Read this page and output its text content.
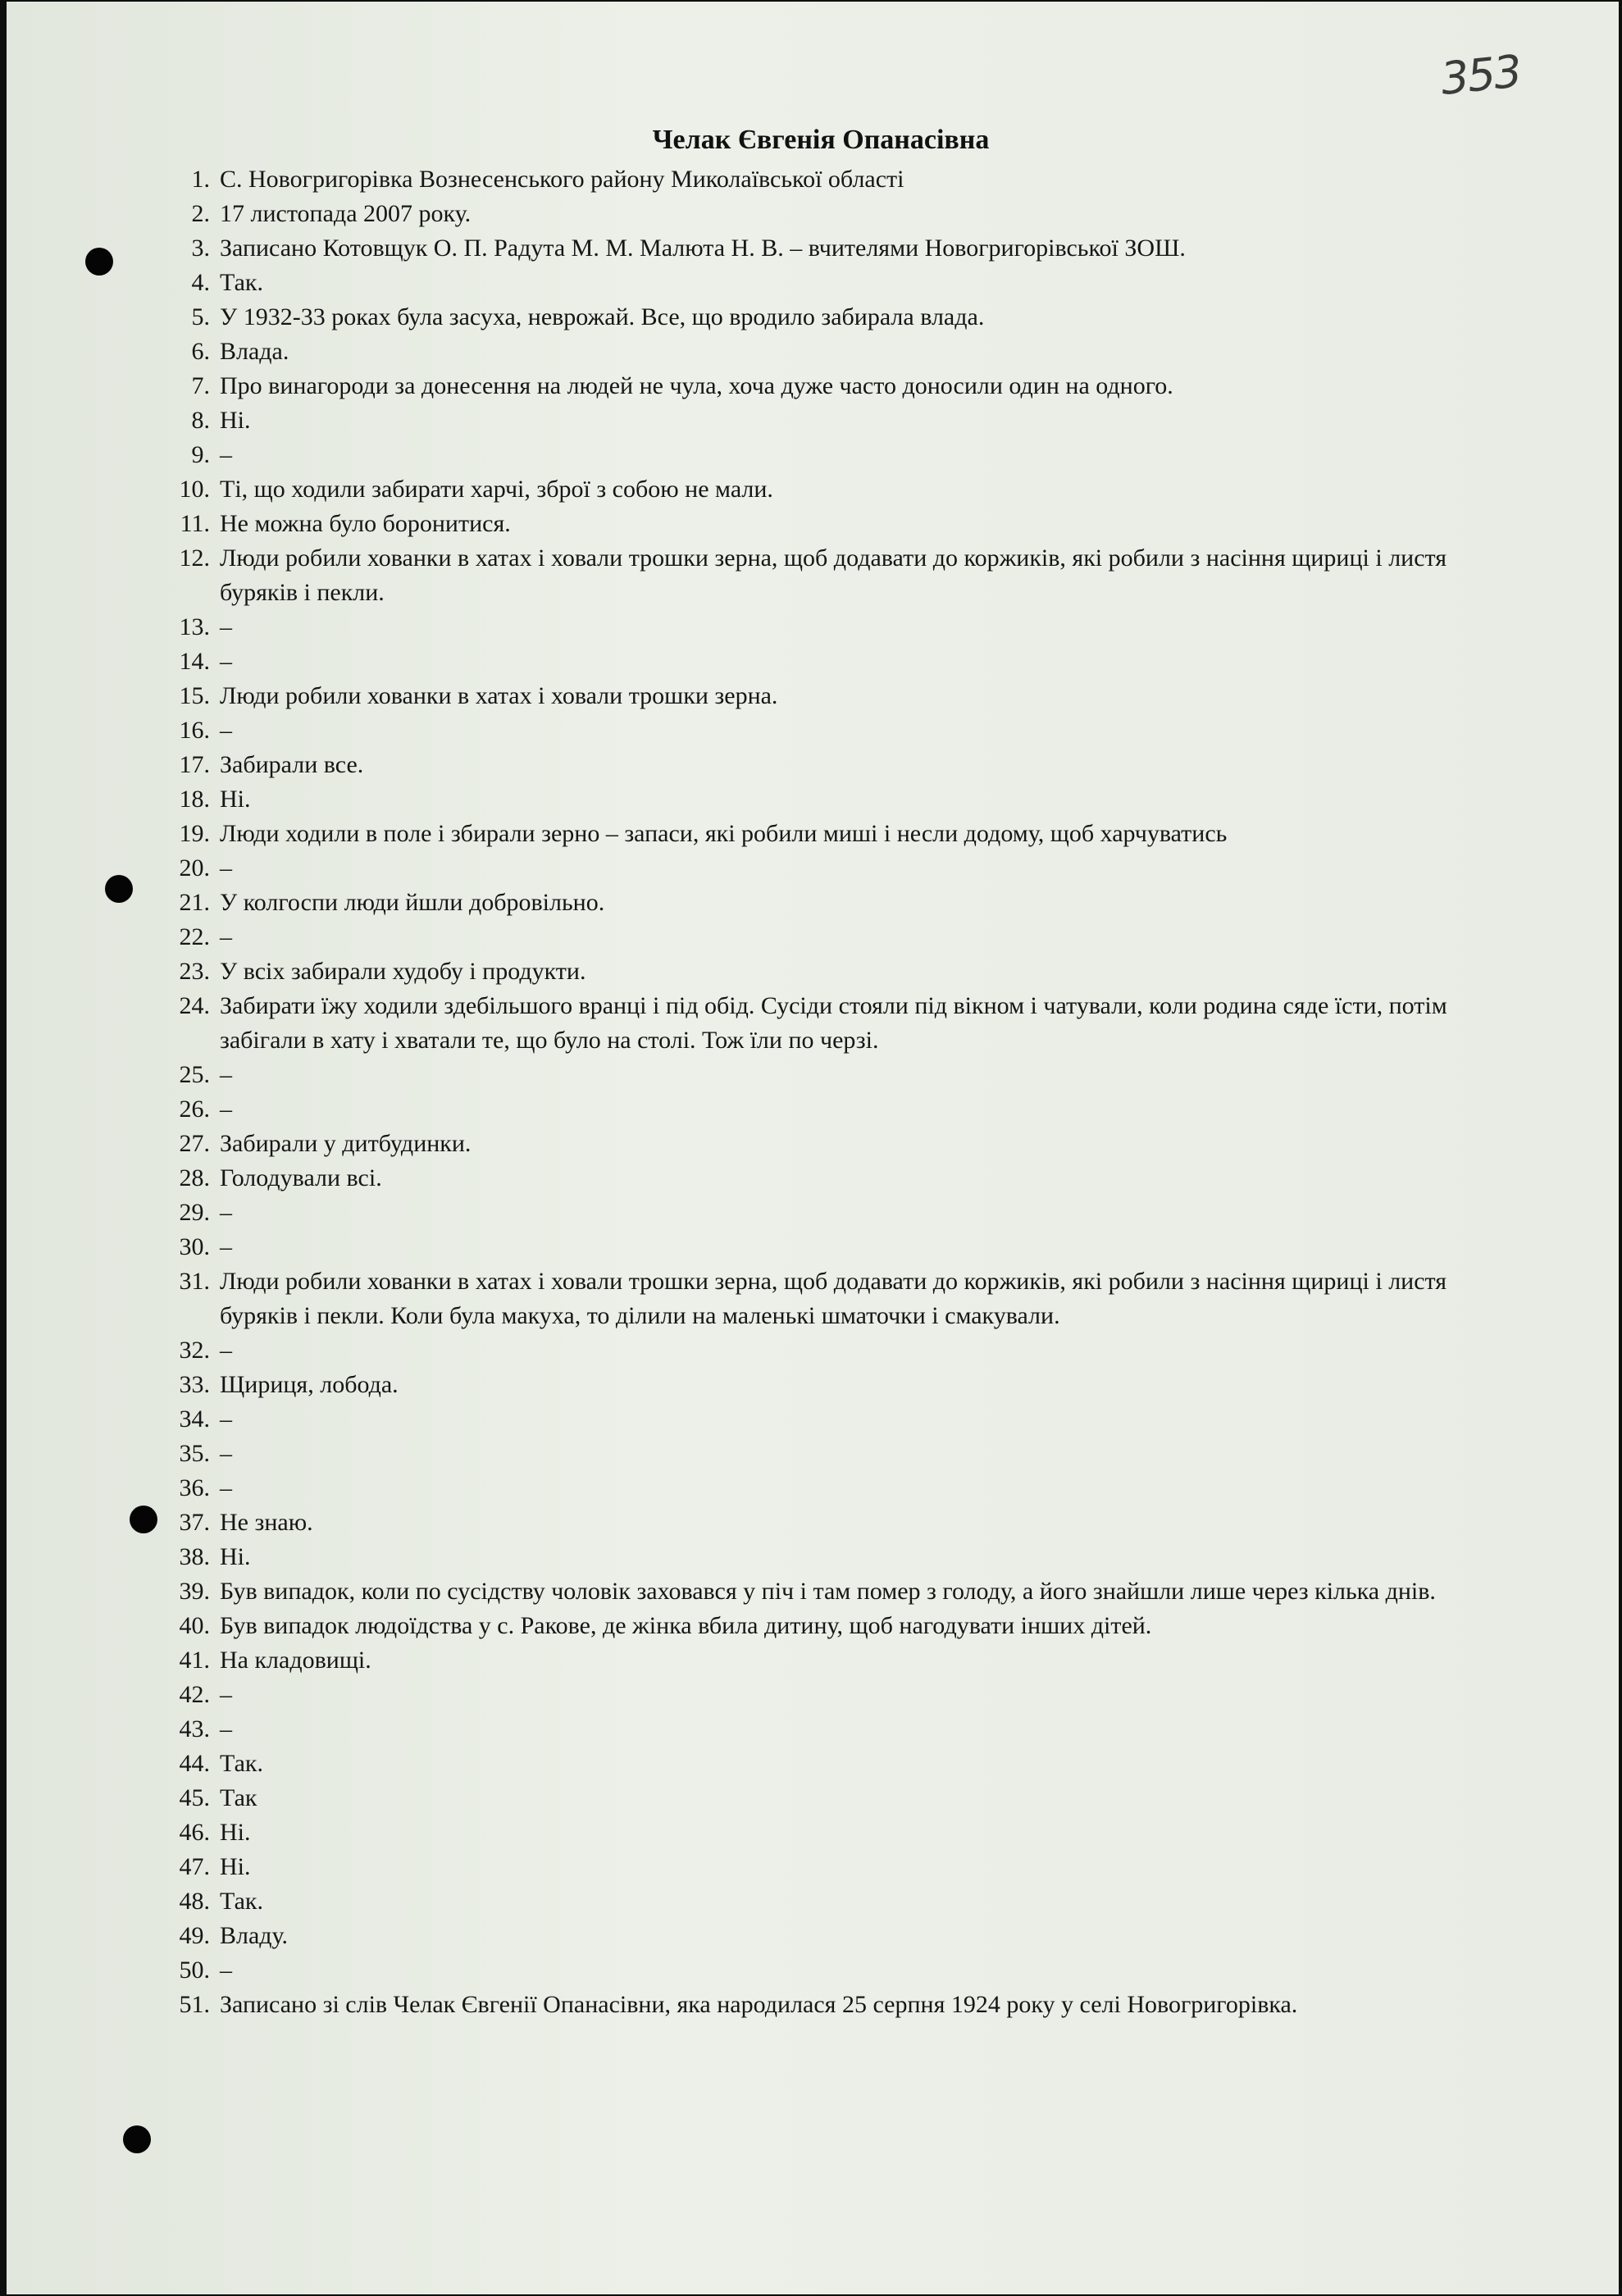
353
Челак Євгенія Опанасівна
1. С. Новогригорівка Вознесенського району Миколаївської області
2. 17 листопада 2007 року.
3. Записано Котовщук О. П. Радута М. М. Малюта Н. В. – вчителями Новогригорівської ЗОШ.
4. Так.
5. У 1932-33 роках була засуха, неврожай. Все, що вродило забирала влада.
6. Влада.
7. Про винагороди за донесення на людей не чула, хоча дуже часто доносили один на одного.
8. Ні.
9. –
10. Ті, що ходили забирати харчі, зброї з собою не мали.
11. Не можна було боронитися.
12. Люди робили хованки в хатах і ховали трошки зерна, щоб додавати до коржиків, які робили з насіння щириці і листя буряків і пекли.
13. –
14. –
15. Люди робили хованки в хатах і ховали трошки зерна.
16. –
17. Забирали все.
18. Ні.
19. Люди ходили в поле і збирали зерно – запаси, які робили миші і несли додому, щоб харчуватись
20. –
21. У колгоспи люди йшли добровільно.
22. –
23. У всіх забирали худобу і продукти.
24. Забирати їжу ходили здебільшого вранці і під обід. Сусіди стояли під вікном і чатували, коли родина сяде їсти, потім забігали в хату і хватали те, що було на столі. Тож їли по черзі.
25. –
26. –
27. Забирали у дитбудинки.
28. Голодували всі.
29. –
30. –
31. Люди робили хованки в хатах і ховали трошки зерна, щоб додавати до коржиків, які робили з насіння щириці і листя буряків і пекли. Коли була макуха, то ділили на маленькі шматочки і смакували.
32. –
33. Щириця, лобода.
34. –
35. –
36. –
37. Не знаю.
38. Ні.
39. Був випадок, коли по сусідству чоловік заховався у піч і там помер з голоду, а його знайшли лише через кілька днів.
40. Був випадок людоїдства у с. Ракове, де жінка вбила дитину, щоб нагодувати інших дітей.
41. На кладовищі.
42. –
43. –
44. Так.
45. Так
46. Ні.
47. Ні.
48. Так.
49. Владу.
50. –
51. Записано зі слів Челак Євгенії Опанасівни, яка народилася 25 серпня 1924 року у селі Новогригорівка.
